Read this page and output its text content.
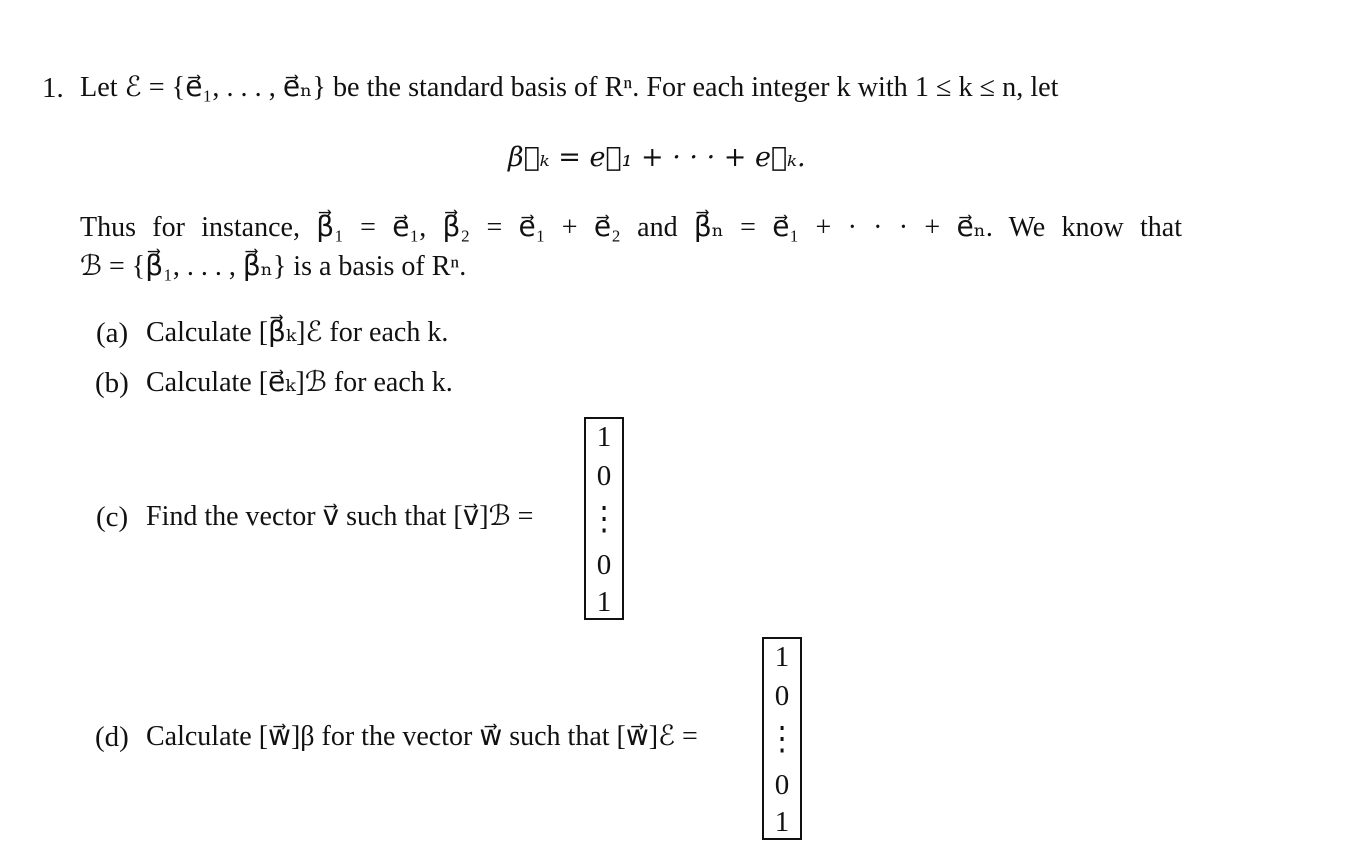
1. Let ℰ = {e⃗₁, . . . , e⃗ₙ} be the standard basis of Rⁿ. For each integer k with 1 ≤ k ≤ n, let
β⃗ₖ = e⃗₁ + · · · + e⃗ₖ.
Thus for instance, β⃗₁ = e⃗₁, β⃗₂ = e⃗₁ + e⃗₂ and β⃗ₙ = e⃗₁ + · · · + e⃗ₙ. We know that
ℬ = {β⃗₁, . . . , β⃗ₙ} is a basis of Rⁿ.
(a) Calculate [β⃗ₖ]ℰ for each k.
(b) Calculate [e⃗ₖ]ℬ for each k.
(c) Find the vector v⃗ such that [v⃗]ℬ =
1
0
⋮
0
1
(d) Calculate [w⃗]β for the vector w⃗ such that [w⃗]ℰ =
1
0
⋮
0
1
